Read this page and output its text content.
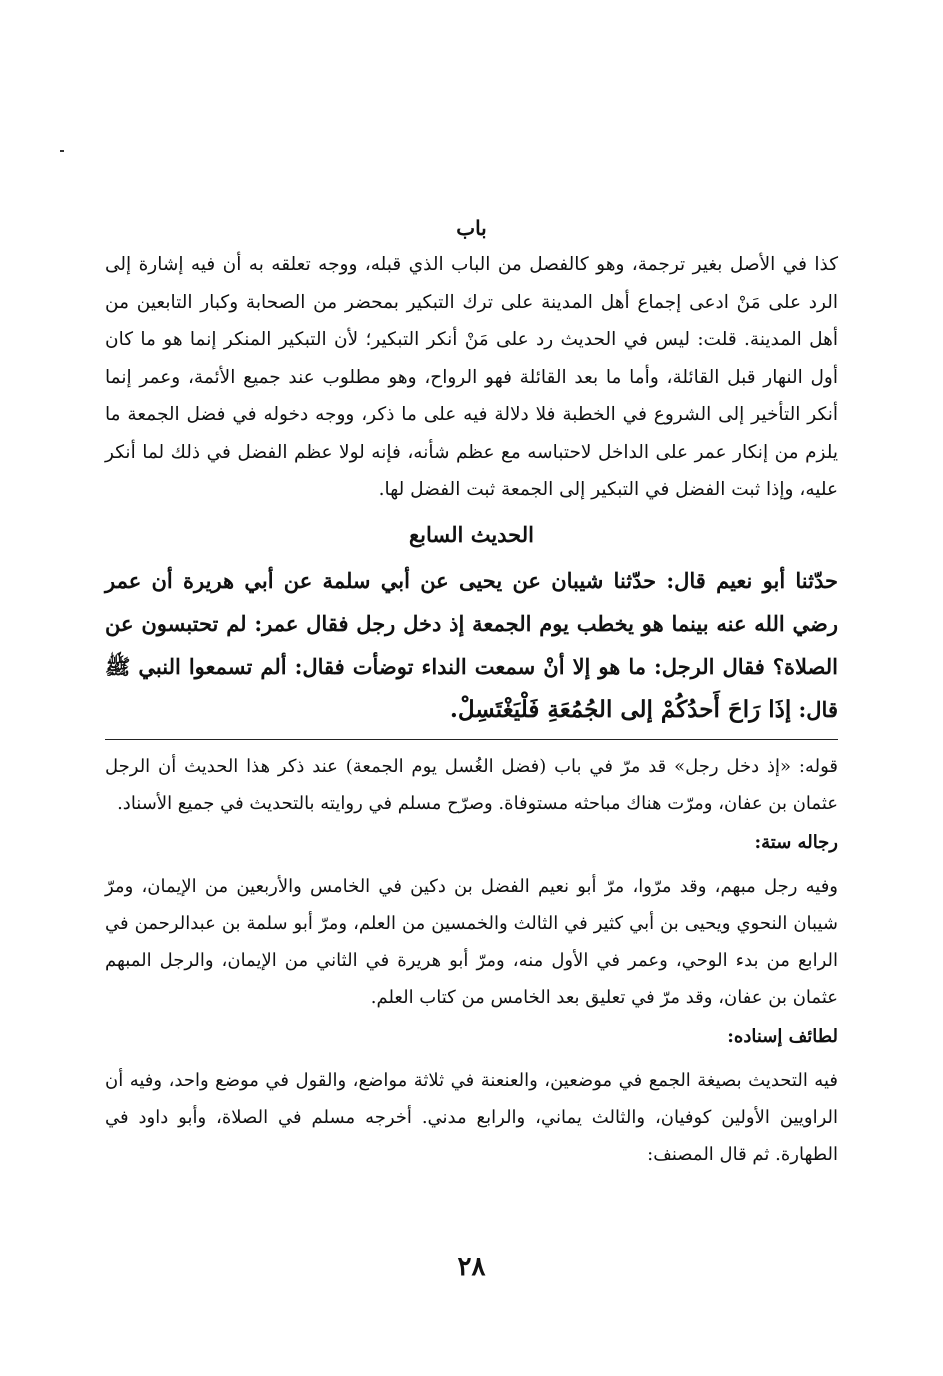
باب

كذا في الأصل بغير ترجمة، وهو كالفصل من الباب الذي قبله، ووجه تعلقه به أن فيه إشارة إلى الرد على مَنْ ادعى إجماع أهل المدينة على ترك التبكير بمحضر من الصحابة وكبار التابعين من أهل المدينة. قلت: ليس في الحديث رد على مَنْ أنكر التبكير؛ لأن التبكير المنكر إنما هو ما كان أول النهار قبل القائلة، وأما ما بعد القائلة فهو الرواح، وهو مطلوب عند جميع الأئمة، وعمر إنما أنكر التأخير إلى الشروع في الخطبة فلا دلالة فيه على ما ذكر، ووجه دخوله في فضل الجمعة ما يلزم من إنكار عمر على الداخل لاحتباسه مع عظم شأنه، فإنه لولا عظم الفضل في ذلك لما أنكر عليه، وإذا ثبت الفضل في التبكير إلى الجمعة ثبت الفضل لها.

الحديث السابع

حدّثنا أبو نعيم قال: حدّثنا شيبان عن يحيى عن أبي سلمة عن أبي هريرة أن عمر رضي الله عنه بينما هو يخطب يوم الجمعة إذ دخل رجل فقال عمر: لم تحتبسون عن الصلاة؟ فقال الرجل: ما هو إلا أنْ سمعت النداء توضأت فقال: ألم تسمعوا النبي ﷺ قال: إذَا رَاحَ أَحدُكُمْ إلى الجُمُعَةِ فَلْيَغْتَسِلْ.

قوله: «إذ دخل رجل» قد مرّ في باب (فضل الغُسل يوم الجمعة) عند ذكر هذا الحديث أن الرجل عثمان بن عفان، ومرّت هناك مباحثه مستوفاة. وصرّح مسلم في روايته بالتحديث في جميع الأسناد.

رجاله ستة:

وفيه رجل مبهم، وقد مرّوا، مرّ أبو نعيم الفضل بن دكين في الخامس والأربعين من الإيمان، ومرّ شيبان النحوي ويحيى بن أبي كثير في الثالث والخمسين من العلم، ومرّ أبو سلمة بن عبدالرحمن في الرابع من بدء الوحي، وعمر في الأول منه، ومرّ أبو هريرة في الثاني من الإيمان، والرجل المبهم عثمان بن عفان، وقد مرّ في تعليق بعد الخامس من كتاب العلم.

لطائف إسناده:

فيه التحديث بصيغة الجمع في موضعين، والعنعنة في ثلاثة مواضع، والقول في موضع واحد، وفيه أن الراويين الأولين كوفيان، والثالث يماني، والرابع مدني. أخرجه مسلم في الصلاة، وأبو داود في الطهارة. ثم قال المصنف:

٢٨
